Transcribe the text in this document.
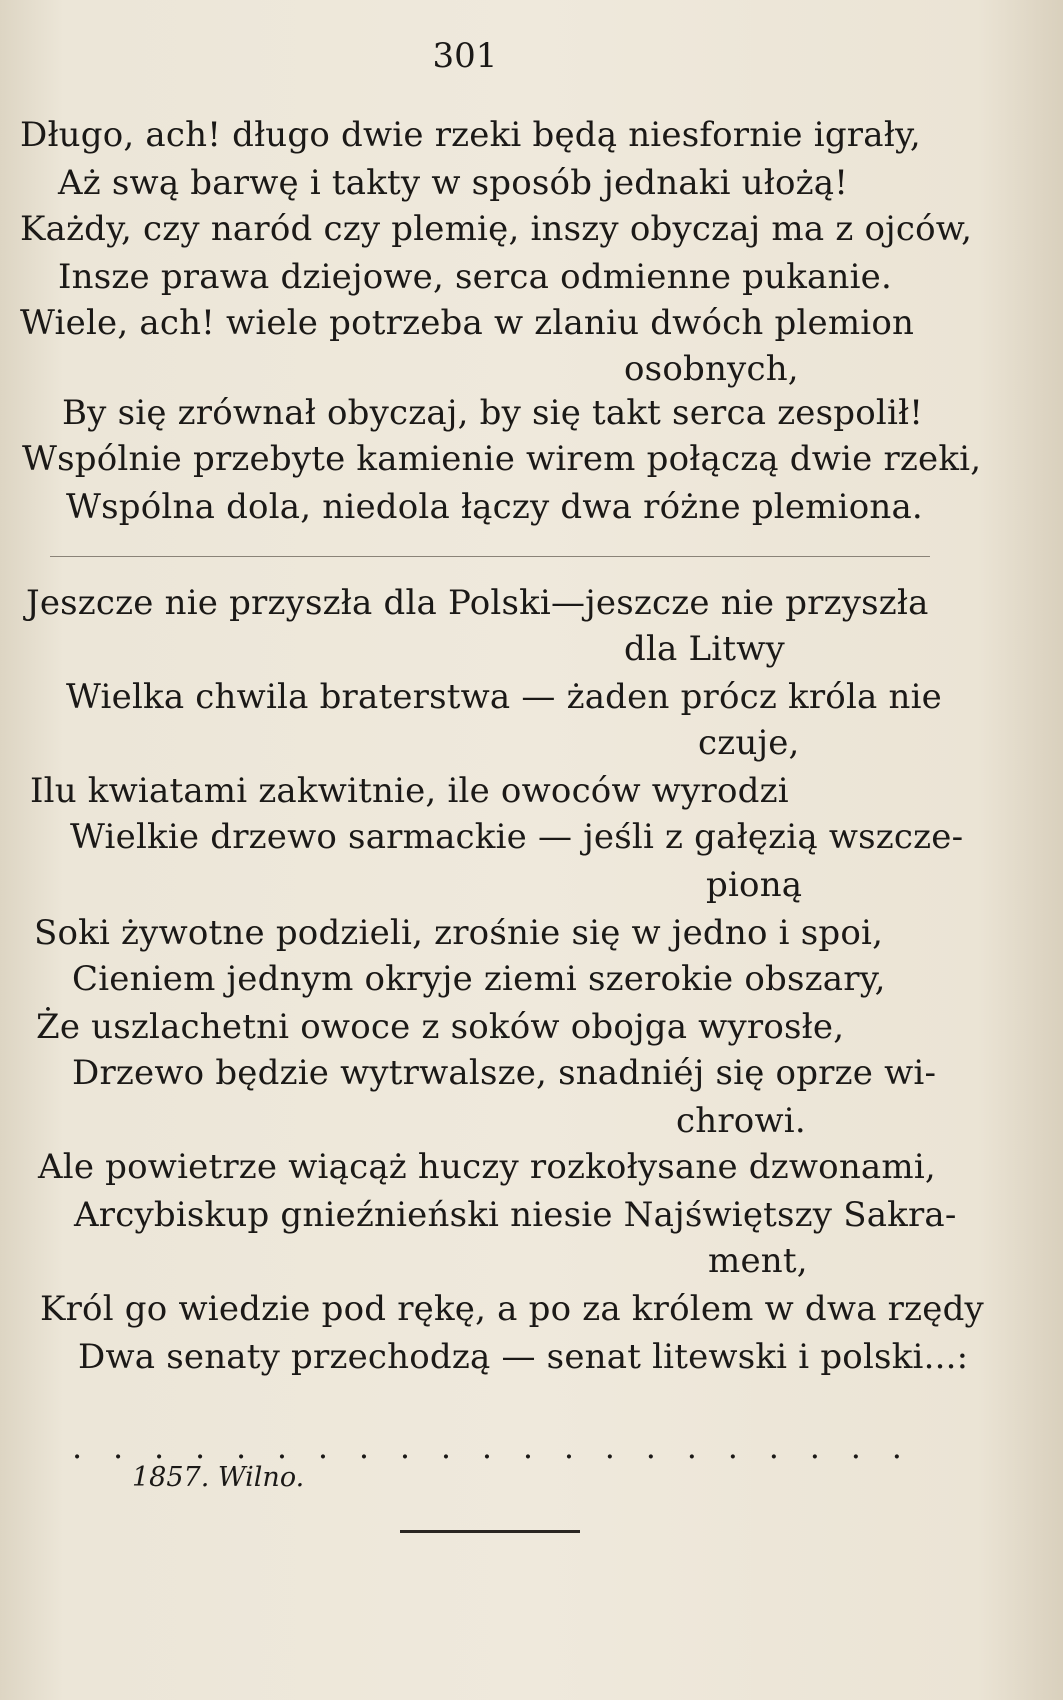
301
Długo, ach! długo dwie rzeki będą niesfornie igrały,
Aż swą barwę i takty w sposób jednaki ułożą!
Każdy, czy naród czy plemię, inszy obyczaj ma z ojców,
Insze prawa dziejowe, serca odmienne pukanie.
Wiele, ach! wiele potrzeba w zlaniu dwóch plemion
osobnych,
By się zrównał obyczaj, by się takt serca zespolił!
Wspólnie przebyte kamienie wirem połączą dwie rzeki,
Wspólna dola, niedola łączy dwa różne plemiona.
Jeszcze nie przyszła dla Polski—jeszcze nie przyszła
dla Litwy
Wielka chwila braterstwa — żaden prócz króla nie
czuje,
Ilu kwiatami zakwitnie, ile owoców wyrodzi
Wielkie drzewo sarmackie — jeśli z gałęzią wszcze-
pioną
Soki żywotne podzieli, zrośnie się w jedno i spoi,
Cieniem jednym okryje ziemi szerokie obszary,
Że uszlachetni owoce z soków obojga wyrosłe,
Drzewo będzie wytrwalsze, snadniéj się oprze wi-
chrowi.
Ale powietrze wiącąż huczy rozkołysane dzwonami,
Arcybiskup gnieźnieński niesie Najświętszy Sakra-
ment,
Król go wiedzie pod rękę, a po za królem w dwa rzędy
Dwa senaty przechodzą — senat litewski i polski...:
. . . . . . . . . . . . . . . . . . . . .
1857. Wilno.
